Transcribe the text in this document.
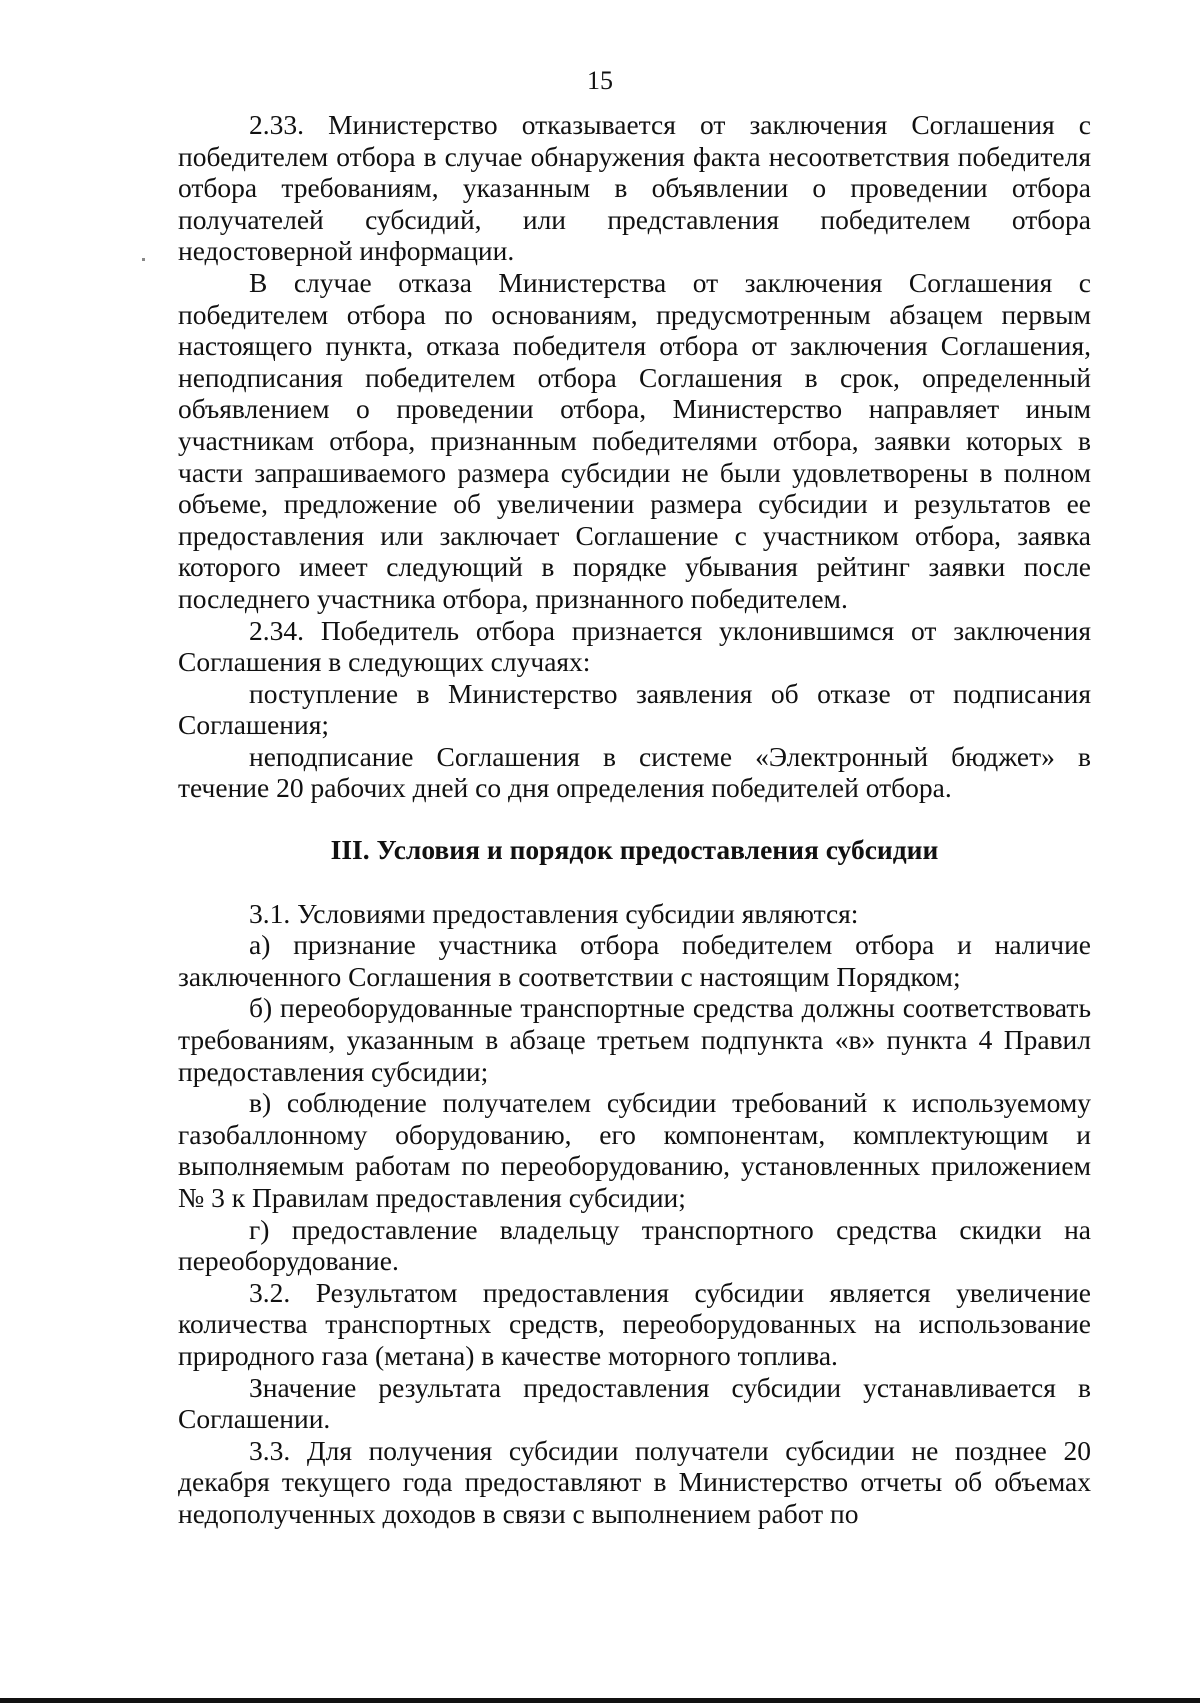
15

2.33. Министерство отказывается от заключения Соглашения с победителем отбора в случае обнаружения факта несоответствия победителя отбора требованиям, указанным в объявлении о проведении отбора получателей субсидий, или представления победителем отбора недостоверной информации.

В случае отказа Министерства от заключения Соглашения с победителем отбора по основаниям, предусмотренным абзацем первым настоящего пункта, отказа победителя отбора от заключения Соглашения, неподписания победителем отбора Соглашения в срок, определенный объявлением о проведении отбора, Министерство направляет иным участникам отбора, признанным победителями отбора, заявки которых в части запрашиваемого размера субсидии не были удовлетворены в полном объеме, предложение об увеличении размера субсидии и результатов ее предоставления или заключает Соглашение с участником отбора, заявка которого имеет следующий в порядке убывания рейтинг заявки после последнего участника отбора, признанного победителем.

2.34. Победитель отбора признается уклонившимся от заключения Соглашения в следующих случаях:

поступление в Министерство заявления об отказе от подписания Соглашения;

неподписание Соглашения в системе «Электронный бюджет» в течение 20 рабочих дней со дня определения победителей отбора.

III. Условия и порядок предоставления субсидии

3.1. Условиями предоставления субсидии являются:

а) признание участника отбора победителем отбора и наличие заключенного Соглашения в соответствии с настоящим Порядком;

б) переоборудованные транспортные средства должны соответствовать требованиям, указанным в абзаце третьем подпункта «в» пункта 4 Правил предоставления субсидии;

в) соблюдение получателем субсидии требований к используемому газобаллонному оборудованию, его компонентам, комплектующим и выполняемым работам по переоборудованию, установленных приложением № 3 к Правилам предоставления субсидии;

г) предоставление владельцу транспортного средства скидки на переоборудование.

3.2. Результатом предоставления субсидии является увеличение количества транспортных средств, переоборудованных на использование природного газа (метана) в качестве моторного топлива.

Значение результата предоставления субсидии устанавливается в Соглашении.

3.3. Для получения субсидии получатели субсидии не позднее 20 декабря текущего года предоставляют в Министерство отчеты об объемах недополученных доходов в связи с выполнением работ по
